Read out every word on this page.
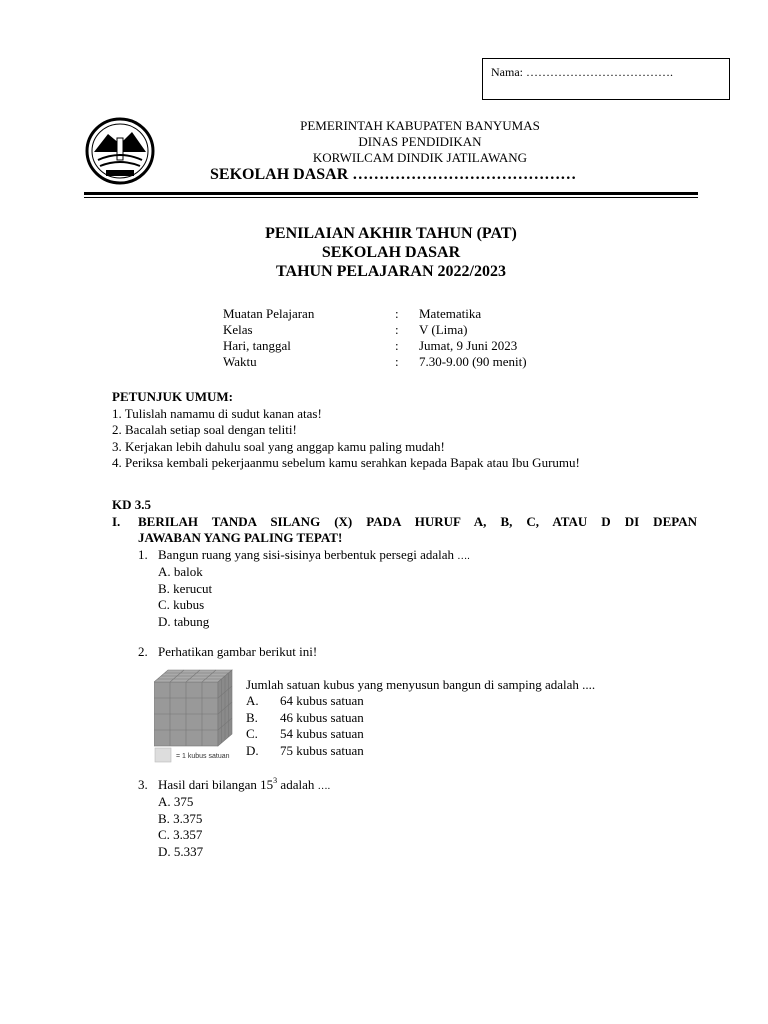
Nama: ……………………………….
PEMERINTAH KABUPATEN BANYUMAS
DINAS PENDIDIKAN
KORWILCAM DINDIK JATILAWANG
SEKOLAH DASAR ……………………………………
PENILAIAN AKHIR TAHUN (PAT)
SEKOLAH DASAR
TAHUN PELAJARAN 2022/2023
Muatan Pelajaran	:	Matematika
Kelas	:	V (Lima)
Hari, tanggal	:	Jumat, 9 Juni 2023
Waktu	:	7.30-9.00 (90 menit)
PETUNJUK UMUM:
1. Tulislah namamu di sudut kanan atas!
2. Bacalah setiap soal dengan teliti!
3. Kerjakan lebih dahulu soal yang anggap kamu paling mudah!
4. Periksa kembali pekerjaanmu sebelum kamu serahkan kepada Bapak atau Ibu Gurumu!
KD 3.5
I. BERILAH TANDA SILANG (X) PADA HURUF A, B, C, ATAU D DI DEPAN
JAWABAN YANG PALING TEPAT!
1. Bangun ruang yang sisi-sisinya berbentuk persegi adalah ….
A. balok
B. kerucut
C. kubus
D. tabung
2. Perhatikan gambar berikut ini!
= 1 kubus satuan
Jumlah satuan kubus yang menyusun bangun di samping adalah ....
A.	64 kubus satuan
B.	46 kubus satuan
C.	54 kubus satuan
D.	75 kubus satuan
3. Hasil dari bilangan $15^3$ adalah ….
A. 375
B. 3.375
C. 3.357
D. 5.337
